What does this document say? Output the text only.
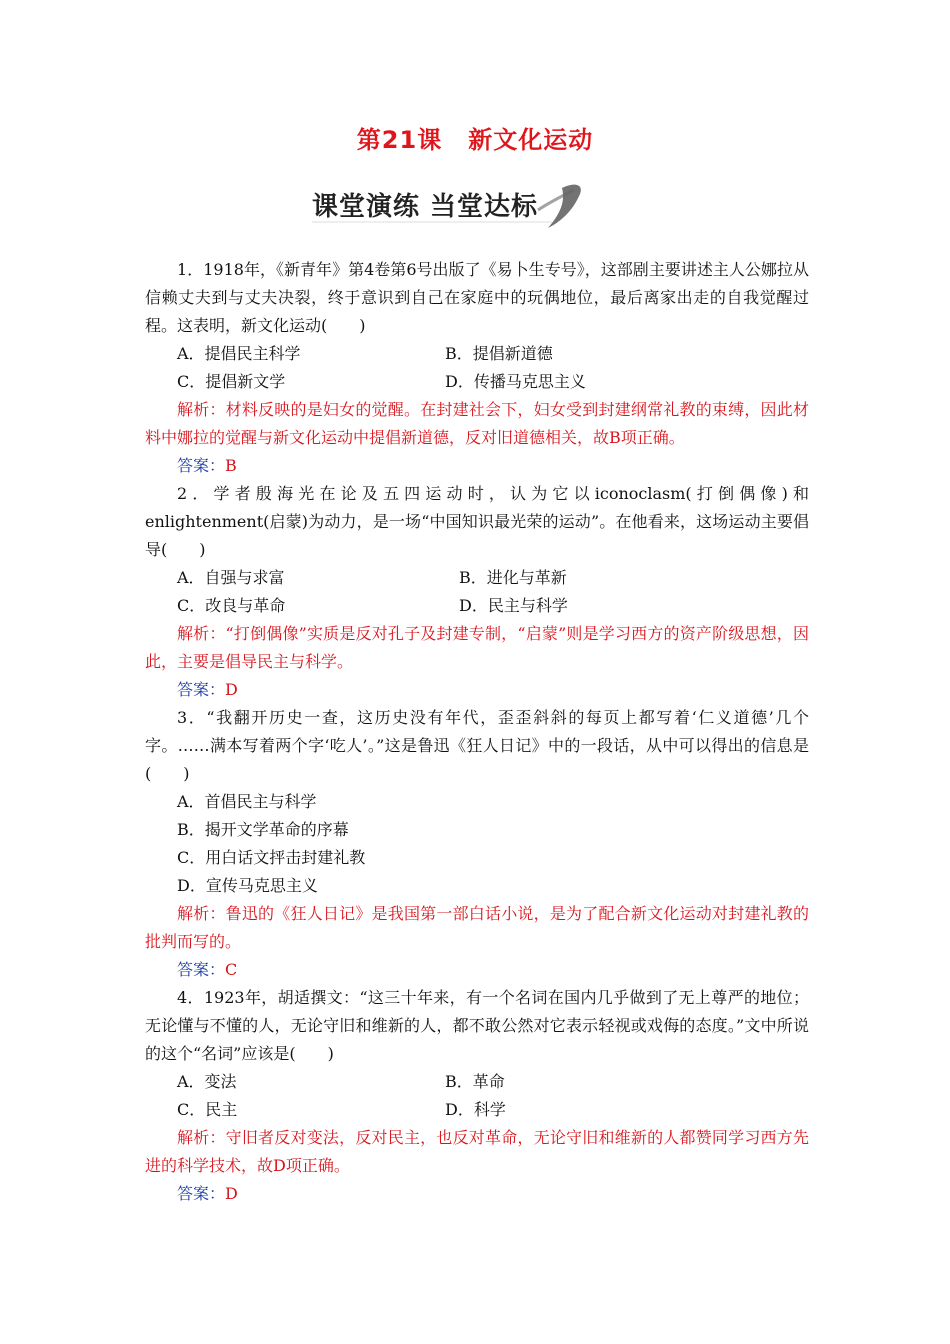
第21课 新文化运动
课堂演练 当堂达标

1．1918年，《新青年》第4卷第6号出版了《易卜生专号》，这部剧主要讲述主人公娜拉从信赖丈夫到与丈夫决裂，终于意识到自己在家庭中的玩偶地位，最后离家出走的自我觉醒过程。这表明，新文化运动(　　)

A．提倡民主科学	B．提倡新道德
C．提倡新文学	D．传播马克思主义

解析：材料反映的是妇女的觉醒。在封建社会下，妇女受到封建纲常礼教的束缚，因此材料中娜拉的觉醒与新文化运动中提倡新道德，反对旧道德相关，故B项正确。

答案：B

2．学者殷海光在论及五四运动时，认为它以iconoclasm(打倒偶像)和enlightenment(启蒙)为动力，是一场“中国知识最光荣的运动”。在他看来，这场运动主要倡导(　　)

A．自强与求富	B．进化与革新
C．改良与革命	D．民主与科学

解析：“打倒偶像”实质是反对孔子及封建专制，“启蒙”则是学习西方的资产阶级思想，因此，主要是倡导民主与科学。

答案：D

3．“我翻开历史一查，这历史没有年代，歪歪斜斜的每页上都写着‘仁义道德’几个字。……满本写着两个字‘吃人’。”这是鲁迅《狂人日记》中的一段话，从中可以得出的信息是(　　)

A．首倡民主与科学
B．揭开文学革命的序幕
C．用白话文抨击封建礼教
D．宣传马克思主义

解析：鲁迅的《狂人日记》是我国第一部白话小说，是为了配合新文化运动对封建礼教的批判而写的。

答案：C

4．1923年，胡适撰文：“这三十年来，有一个名词在国内几乎做到了无上尊严的地位；无论懂与不懂的人，无论守旧和维新的人，都不敢公然对它表示轻视或戏侮的态度。”文中所说的这个“名词”应该是(　　)

A．变法	B．革命
C．民主	D．科学

解析：守旧者反对变法，反对民主，也反对革命，无论守旧和维新的人都赞同学习西方先进的科学技术，故D项正确。

答案：D
